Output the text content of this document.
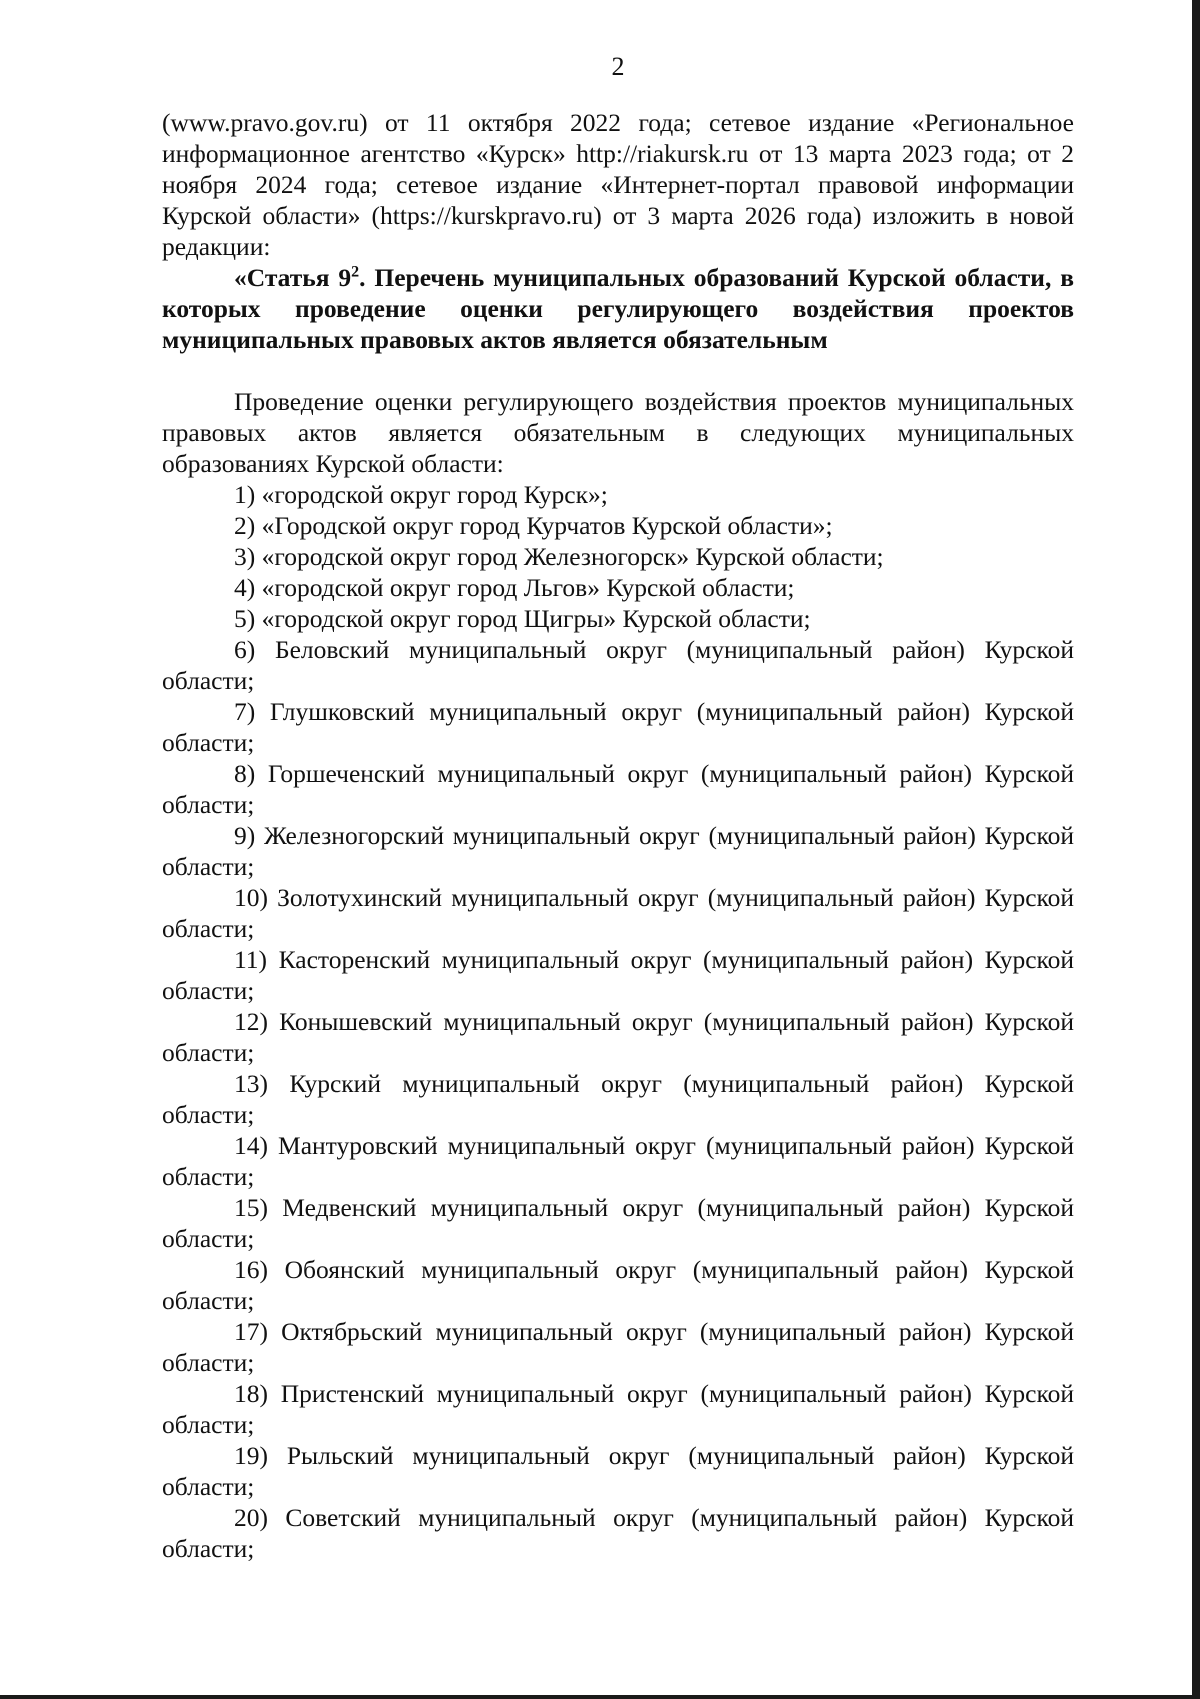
2

(www.pravo.gov.ru) от 11 октября 2022 года; сетевое издание «Региональное информационное агентство «Курск» http://riakursk.ru от 13 марта 2023 года; от 2 ноября 2024 года; сетевое издание «Интернет-портал правовой информации Курской области» (https://kurskpravo.ru) от 3 марта 2026 года) изложить в новой редакции:

«Статья $9^2$. Перечень муниципальных образований Курской области, в которых проведение оценки регулирующего воздействия проектов муниципальных правовых актов является обязательным

Проведение оценки регулирующего воздействия проектов муниципальных правовых актов является обязательным в следующих муниципальных образованиях Курской области:

1) «городской округ город Курск»;

2) «Городской округ город Курчатов Курской области»;

3) «городской округ город Железногорск» Курской области;

4) «городской округ город Льгов» Курской области;

5) «городской округ город Щигры» Курской области;

6) Беловский муниципальный округ (муниципальный район) Курской области;

7) Глушковский муниципальный округ (муниципальный район) Курской области;

8) Горшеченский муниципальный округ (муниципальный район) Курской области;

9) Железногорский муниципальный округ (муниципальный район) Курской области;

10) Золотухинский муниципальный округ (муниципальный район) Курской области;

11) Касторенский муниципальный округ (муниципальный район) Курской области;

12) Конышевский муниципальный округ (муниципальный район) Курской области;

13) Курский муниципальный округ (муниципальный район) Курской области;

14) Мантуровский муниципальный округ (муниципальный район) Курской области;

15) Медвенский муниципальный округ (муниципальный район) Курской области;

16) Обоянский муниципальный округ (муниципальный район) Курской области;

17) Октябрьский муниципальный округ (муниципальный район) Курской области;

18) Пристенский муниципальный округ (муниципальный район) Курской области;

19) Рыльский муниципальный округ (муниципальный район) Курской области;

20) Советский муниципальный округ (муниципальный район) Курской области;
